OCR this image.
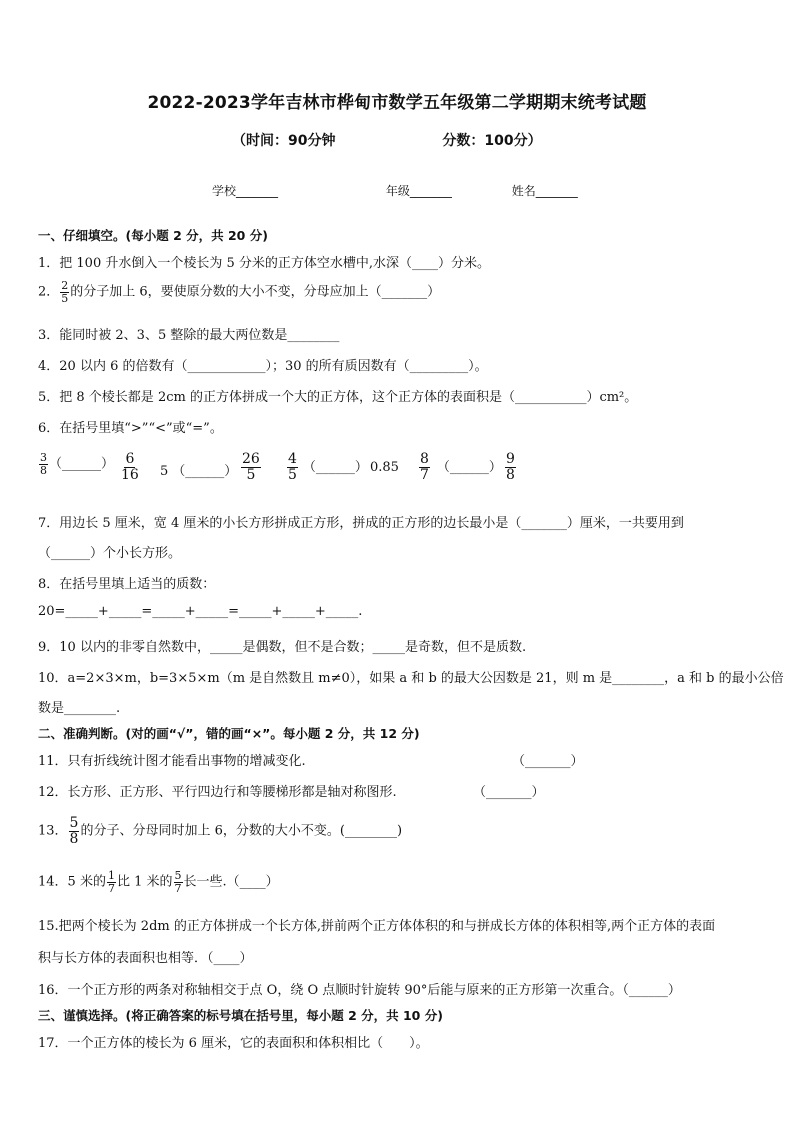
2022-2023学年吉林市桦甸市数学五年级第二学期期末统考试题
（时间：90分钟	分数：100分）
学校_______	年级_______	姓名_______
一、仔细填空。(每小题 2 分，共 20 分)
1．把 100 升水倒入一个棱长为 5 分米的正方体空水槽中,水深（____）分米。
2． $\frac{2}{5}$ 的分子加上 6，要使原分数的大小不变，分母应加上（_______）
3．能同时被 2、3、5 整除的最大两位数是________
4．20 以内 6 的倍数有（____________）；30 的所有质因数有（_________）。
5．把 8 个棱长都是 2cm 的正方体拼成一个大的正方体，这个正方体的表面积是（___________）cm²。
6．在括号里填“>”“<”或“=”。
$\frac{3}{8}$ （______） $\frac{6}{16} 5$ （______） $\frac{26}{5} \frac{4}{5}$ （______） $0.85 \frac{8}{7}$ （______） $\frac{9}{8}$
7．用边长 5 厘米，宽 4 厘米的小长方形拼成正方形，拼成的正方形的边长最小是（_______）厘米，一共要用到
（______）个小长方形。
8．在括号里填上适当的质数：
20=_____+_____=_____+_____=_____+_____+_____.
9．10 以内的非零自然数中，_____是偶数，但不是合数；_____是奇数，但不是质数.
10．a=2×3×m，b=3×5×m（m 是自然数且 m≠0），如果 a 和 b 的最大公因数是 21，则 m 是________，a 和 b 的最小公倍
数是________.
二、准确判断。(对的画“√”，错的画“×”。每小题 2 分，共 12 分)
11．只有折线统计图才能看出事物的增减变化.	（_______）
12．长方形、正方形、平行四边行和等腰梯形都是轴对称图形.	（_______）
13． $\frac{5}{8}$ 的分子、分母同时加上 6，分数的大小不变。(________)
14．5 米的 $\frac{1}{7}$ 比 1 米的 $\frac{5}{7}$ 长一些.（____）
15.把两个棱长为 2dm 的正方体拼成一个长方体,拼前两个正方体体积的和与拼成长方体的体积相等,两个正方体的表面
积与长方体的表面积也相等．（____）
16．一个正方形的两条对称轴相交于点 O，绕 O 点顺时针旋转 90°后能与原来的正方形第一次重合。（______）
三、谨慎选择。(将正确答案的标号填在括号里，每小题 2 分，共 10 分)
17．一个正方体的棱长为 6 厘米，它的表面积和体积相比（　　）。
